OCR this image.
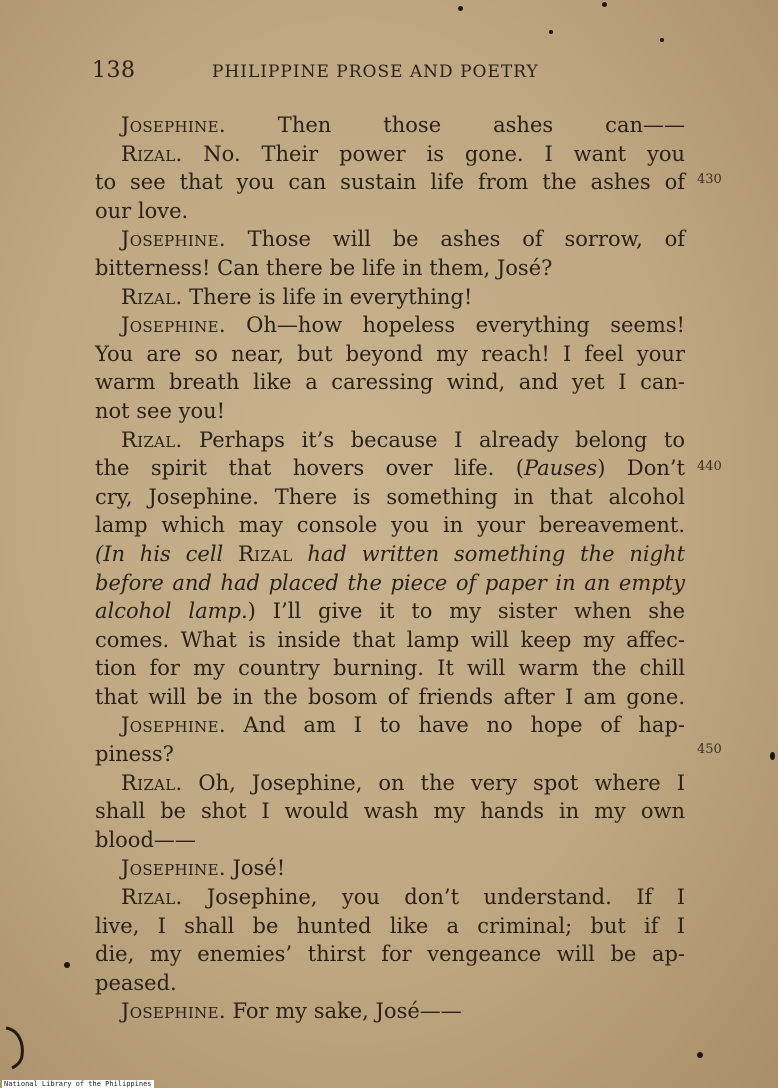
138	PHILIPPINE PROSE AND POETRY
Josephine. Then those ashes can——
Rizal. No. Their power is gone. I want you
to see that you can sustain life from the ashes of
our love.
Josephine. Those will be ashes of sorrow, of
bitterness! Can there be life in them, José?
Rizal. There is life in everything!
Josephine. Oh—how hopeless everything seems!
You are so near, but beyond my reach! I feel your
warm breath like a caressing wind, and yet I can-
not see you!
Rizal. Perhaps it’s because I already belong to
the spirit that hovers over life. (Pauses) Don’t
cry, Josephine. There is something in that alcohol
lamp which may console you in your bereavement.
(In his cell Rizal had written something the night
before and had placed the piece of paper in an empty
alcohol lamp.) I’ll give it to my sister when she
comes. What is inside that lamp will keep my affec-
tion for my country burning. It will warm the chill
that will be in the bosom of friends after I am gone.
Josephine. And am I to have no hope of hap-
piness?
Rizal. Oh, Josephine, on the very spot where I
shall be shot I would wash my hands in my own
blood——
Josephine. José!
Rizal. Josephine, you don’t understand. If I
live, I shall be hunted like a criminal; but if I
die, my enemies’ thirst for vengeance will be ap-
peased.
Josephine. For my sake, José——
430
440
450
National Library of the Philippines
